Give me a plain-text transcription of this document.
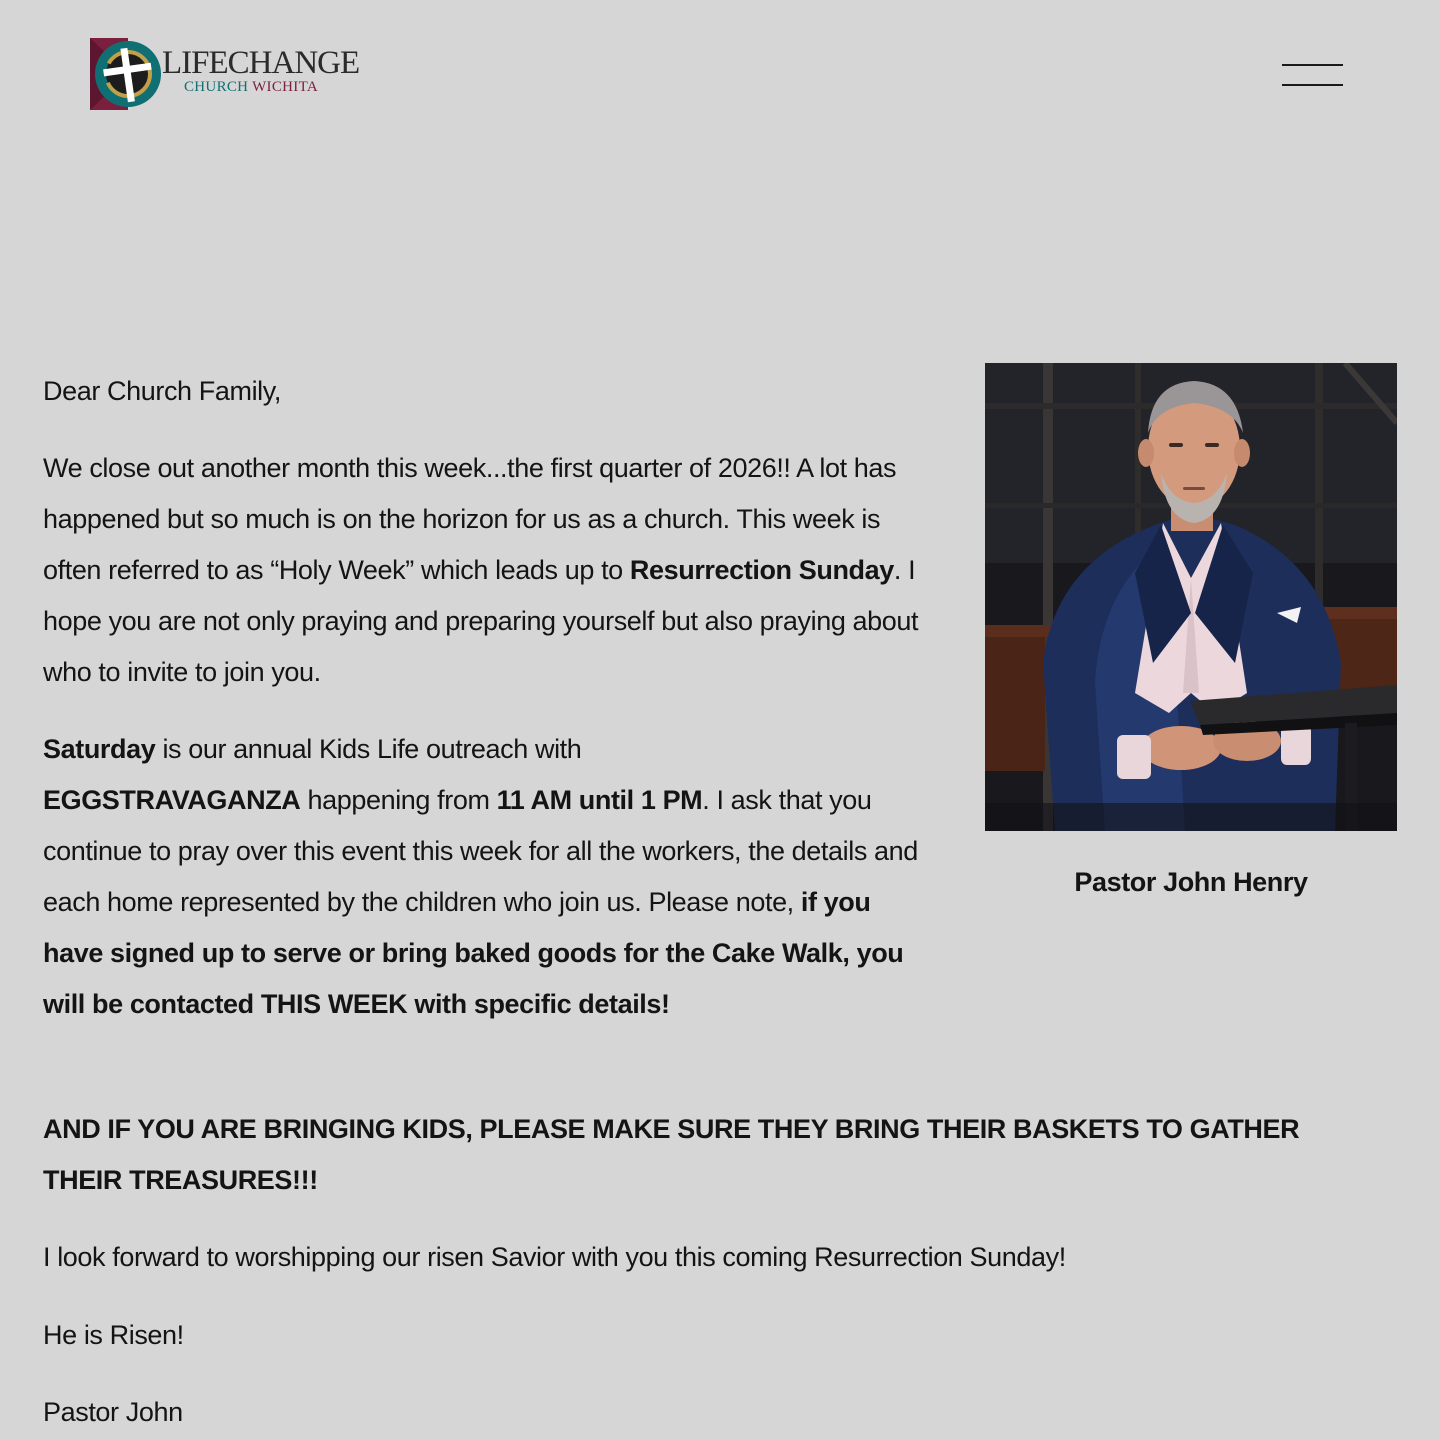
LIFECHANGE
CHURCH WICHITA

Dear Church Family,

We close out another month this week...the first quarter of 2026!! A lot has happened but so much is on the horizon for us as a church. This week is often referred to as “Holy Week” which leads up to Resurrection Sunday. I hope you are not only praying and preparing yourself but also praying about who to invite to join you.

Saturday is our annual Kids Life outreach with
EGGSTRAVAGANZA happening from 11 AM until 1 PM. I ask that you continue to pray over this event this week for all the workers, the details and each home represented by the children who join us. Please note, if you have signed up to serve or bring baked goods for the Cake Walk, you will be contacted THIS WEEK with specific details!

AND IF YOU ARE BRINGING KIDS, PLEASE MAKE SURE THEY BRING THEIR BASKETS TO GATHER THEIR TREASURES!!!

I look forward to worshipping our risen Savior with you this coming Resurrection Sunday!

He is Risen!

Pastor John

Pastor John Henry
